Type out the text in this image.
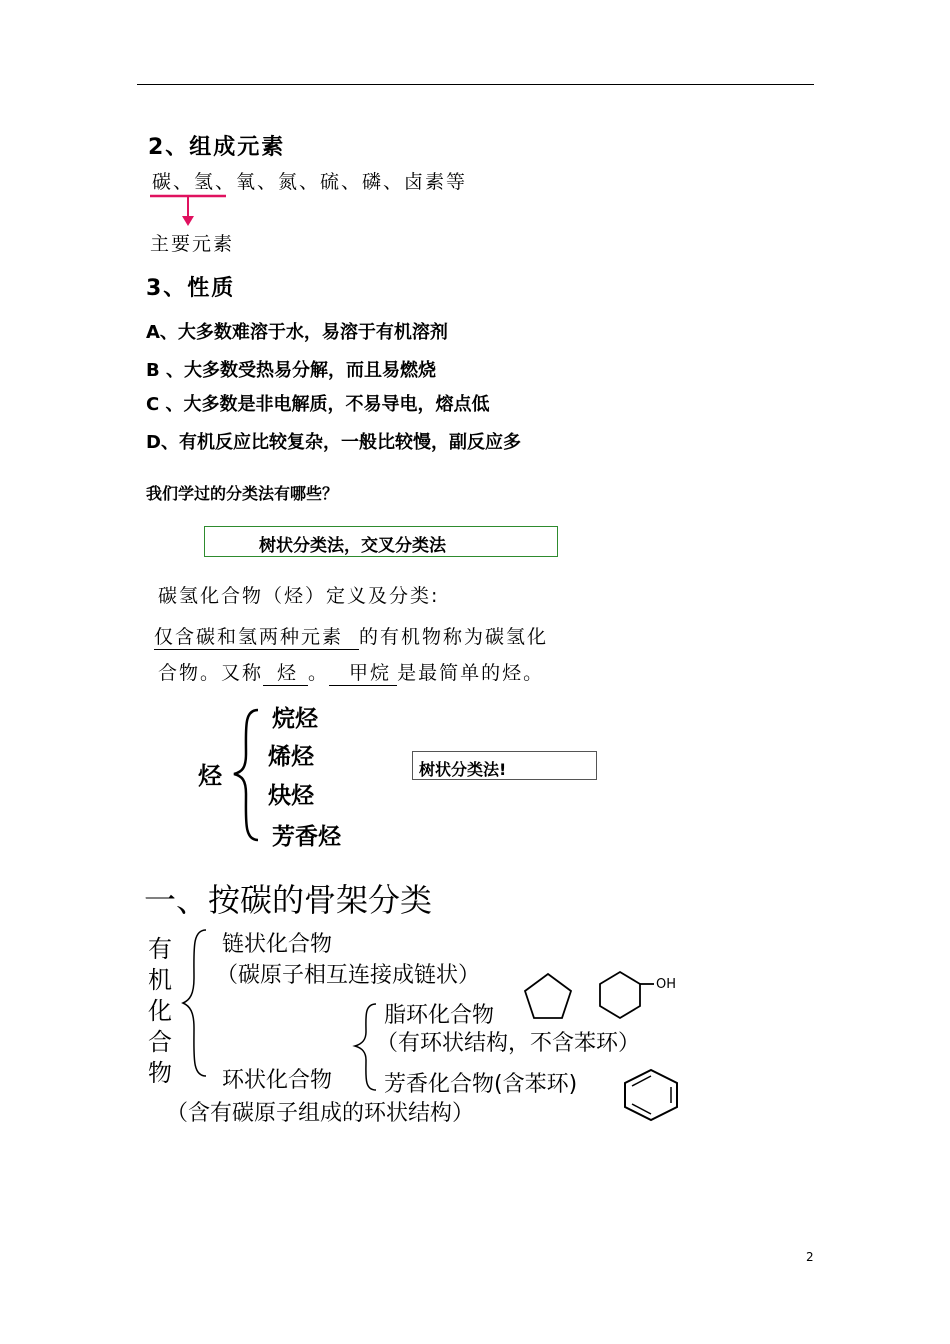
2、组成元素
碳、氢、氧、氮、硫、磷、卤素等
主要元素
3、性质
A、大多数难溶于水，易溶于有机溶剂
B 、大多数受热易分解，而且易燃烧
C 、大多数是非电解质，不易导电，熔点低
D、有机反应比较复杂，一般比较慢，副反应多
我们学过的分类法有哪些？
树状分类法，交叉分类法
碳氢化合物（烃）定义及分类:
仅含碳和氢两种元素 的有机物称为碳氢化
合物。又称 烃 。 甲烷 是最简单的烃。
烃
烷烃
烯烃
炔烃
芳香烃
树状分类法!
一、按碳的骨架分类
有
机
化
合
物
链状化合物
（碳原子相互连接成链状）
环状化合物
（含有碳原子组成的环状结构）
脂环化合物
（有环状结构，不含苯环）
芳香化合物(含苯环)
OH
2
